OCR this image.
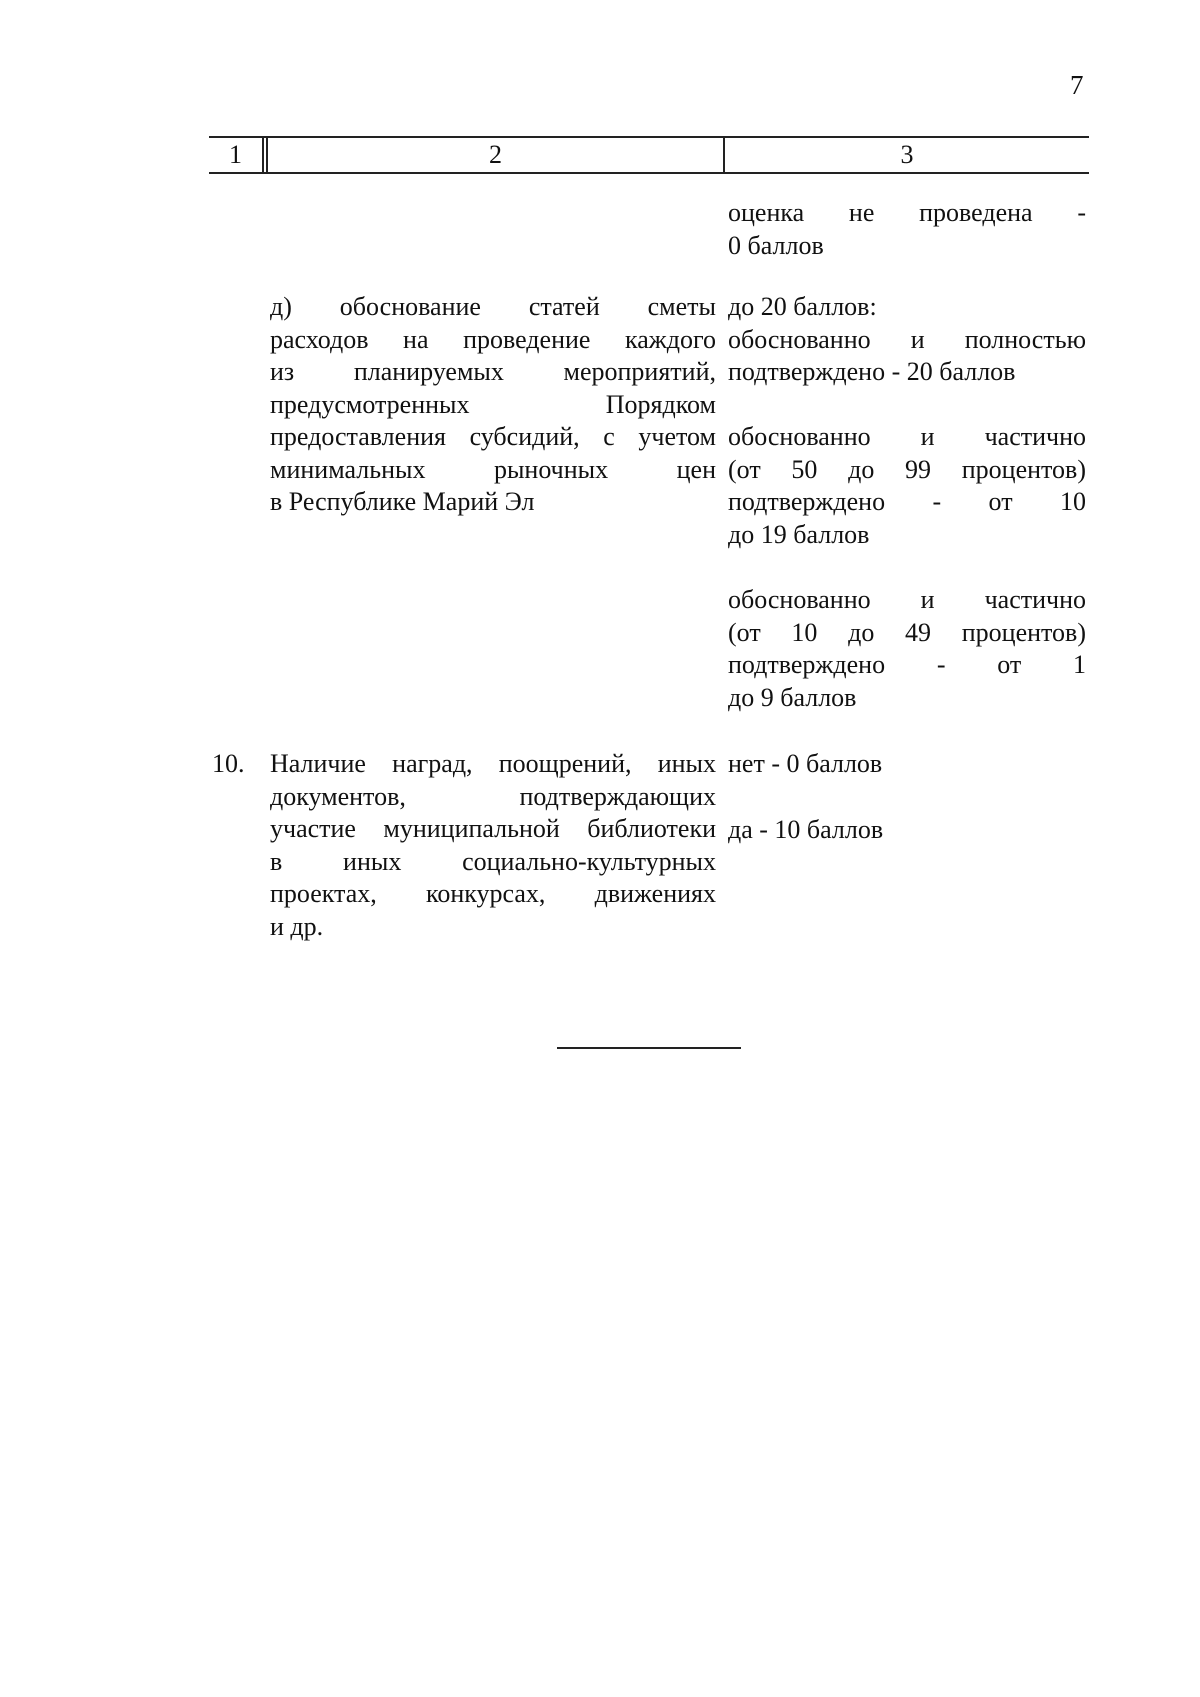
7
1	2	3
оценка не проведена -
0 баллов
д) обоснование статей сметы
расходов на проведение каждого
из планируемых мероприятий,
предусмотренных Порядком
предоставления субсидий, с учетом
минимальных рыночных цен
в Республике Марий Эл
до 20 баллов:
обоснованно и полностью
подтверждено - 20 баллов
обоснованно и частично
(от 50 до 99 процентов)
подтверждено - от 10
до 19 баллов
обоснованно и частично
(от 10 до 49 процентов)
подтверждено - от 1
до 9 баллов
10. Наличие наград, поощрений, иных
документов, подтверждающих
участие муниципальной библиотеки
в иных социально-культурных
проектах, конкурсах, движениях
и др.
нет - 0 баллов
да - 10 баллов
